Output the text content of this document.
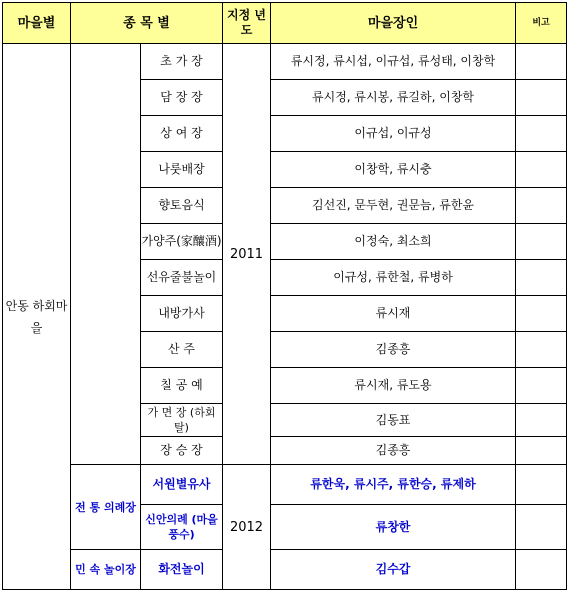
마을별	종 목 별		지정 년도	마을장인	비고
안동 하회마을		초 가 장	2011	류시정, 류시섭, 이규섭, 류성태, 이창학	
		담 장 장		류시정, 류시봉, 류길하, 이창학	
		상 여 장		이규섭, 이규성	
		나룻배장		이창학, 류시충	
		향토음식		김선진, 문두현, 권문늠, 류한윤	
		가양주(家釀酒)		이정숙, 최소희	
		선유줄불놀이		이규성, 류한철, 류병하	
		내방가사		류시재	
		산 주		김종흥	
		칠 공 예		류시재, 류도용	
		가 면 장 (하회탈)		김동표	
		장 승 장		김종흥	
	전 통 의례장	서원별유사	2012	류한욱, 류시주, 류한승, 류제하	
		신안의례 (마을풍수)		류창한	
	민 속 놀이장	화전놀이		김수갑	
